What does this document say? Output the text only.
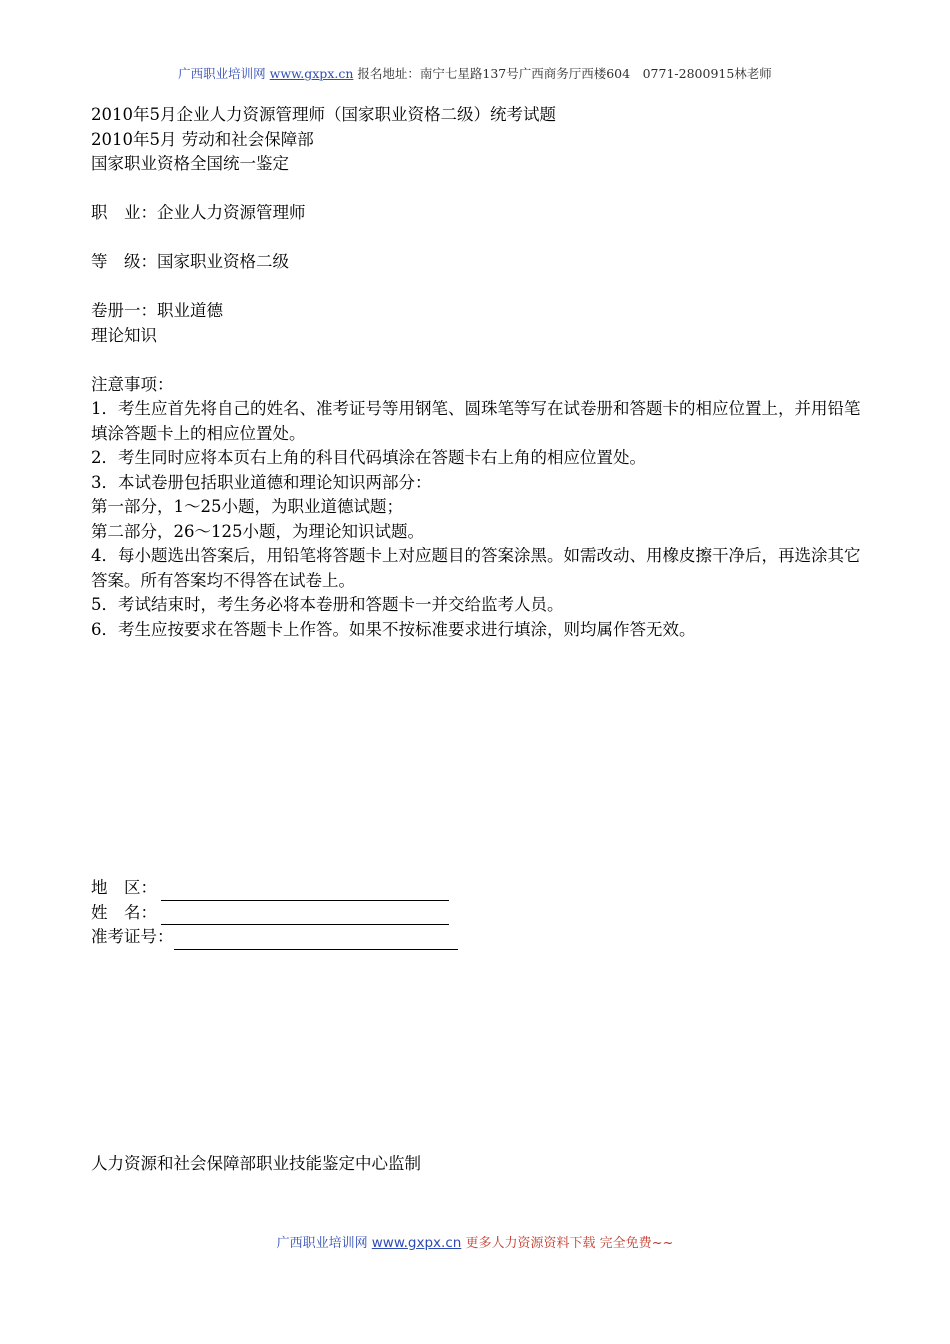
广西职业培训网 www.gxpx.cn 报名地址：南宁七星路137号广西商务厅西楼604　0771-2800915林老师
2010年5月企业人力资源管理师（国家职业资格二级）统考试题
2010年5月 劳动和社会保障部
国家职业资格全国统一鉴定
职　业：企业人力资源管理师
等　级：国家职业资格二级
卷册一：职业道德
理论知识
注意事项：
1．考生应首先将自己的姓名、准考证号等用钢笔、圆珠笔等写在试卷册和答题卡的相应位置上，并用铅笔填涂答题卡上的相应位置处。
2．考生同时应将本页右上角的科目代码填涂在答题卡右上角的相应位置处。
3．本试卷册包括职业道德和理论知识两部分：
第一部分，1～25小题，为职业道德试题；
第二部分，26～125小题，为理论知识试题。
4．每小题选出答案后，用铅笔将答题卡上对应题目的答案涂黑。如需改动、用橡皮擦干净后，再选涂其它答案。所有答案均不得答在试卷上。
5．考试结束时，考生务必将本卷册和答题卡一并交给监考人员。
6．考生应按要求在答题卡上作答。如果不按标准要求进行填涂，则均属作答无效。
地　区：
姓　名：
准考证号：
人力资源和社会保障部职业技能鉴定中心监制
广西职业培训网 www.gxpx.cn 更多人力资源资料下载 完全免费~~
